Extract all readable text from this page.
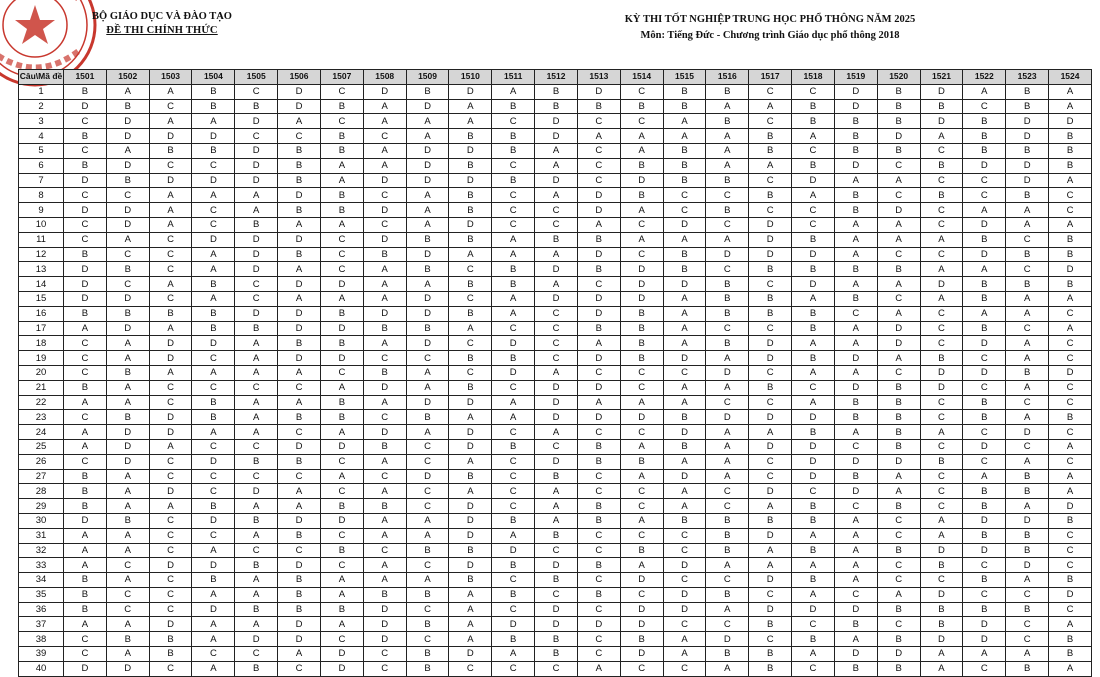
BỘ GIÁO DỤC VÀ ĐÀO TẠO
ĐỀ THI CHÍNH THỨC
KỲ THI TỐT NGHIỆP TRUNG HỌC PHỔ THÔNG NĂM 2025
Môn: Tiếng Đức - Chương trình Giáo dục phổ thông 2018
Câu\Mã đề	1501	1502	1503	1504	1505	1506	1507	1508	1509	1510	1511	1512	1513	1514	1515	1516	1517	1518	1519	1520	1521	1522	1523	1524
1	B	A	A	B	C	D	C	D	B	D	A	B	D	C	B	B	C	C	D	B	D	A	B	A
2	D	B	C	B	B	D	B	A	D	A	B	B	B	B	B	A	A	B	D	B	B	C	B	A
3	C	D	A	A	D	A	C	A	A	A	C	D	C	C	A	B	C	B	B	B	D	B	D	D
4	B	D	D	D	C	C	B	C	A	B	B	D	A	A	A	A	B	A	B	D	A	B	D	B
5	C	A	B	B	D	B	B	A	D	D	B	A	C	A	B	A	B	C	B	B	C	B	B	B
6	B	D	C	C	D	B	A	A	D	B	C	A	C	B	B	A	A	B	D	C	B	D	D	B
7	D	B	D	D	D	B	A	D	D	D	B	D	C	D	B	B	C	D	A	A	C	C	D	A
8	C	C	A	A	A	D	B	C	A	B	C	A	D	B	C	C	B	A	B	C	B	C	B	C
9	D	D	A	C	A	B	B	D	A	B	C	C	D	A	C	B	C	C	B	D	C	A	A	C
10	C	D	A	C	B	A	A	C	A	D	C	C	A	C	D	C	D	C	A	A	C	D	A	A
11	C	A	C	D	D	D	C	D	B	B	A	B	B	A	A	A	D	B	A	A	A	B	C	B
12	B	C	C	A	D	B	C	B	D	A	A	A	D	C	B	D	D	D	A	C	C	D	B	B
13	D	B	C	A	D	A	C	A	B	C	B	D	B	D	B	C	B	B	B	B	A	A	C	D
14	D	C	A	B	C	D	D	A	A	B	B	A	C	D	D	B	C	D	A	A	D	B	B	B
15	D	D	C	A	C	A	A	A	D	C	A	D	D	D	A	B	B	A	B	C	A	B	A	A
16	B	B	B	B	D	D	B	D	D	B	A	C	D	B	A	B	B	B	C	A	C	A	A	C
17	A	D	A	B	B	D	D	B	B	A	C	C	B	B	A	C	C	B	A	D	C	B	C	A
18	C	A	D	D	A	B	B	A	D	C	D	C	A	B	A	B	D	A	A	D	C	D	A	C
19	C	A	D	C	A	D	D	C	C	B	B	C	D	B	D	A	D	B	D	A	B	C	A	C
20	C	B	A	A	A	A	C	B	A	C	D	A	C	C	C	D	C	A	A	C	D	D	B	D
21	B	A	C	C	C	C	A	D	A	B	C	D	D	C	A	A	B	C	D	B	D	C	A	C
22	A	A	C	B	A	A	B	A	D	D	A	D	A	A	A	C	C	A	B	B	C	B	C	C
23	C	B	D	B	A	B	B	C	B	A	A	D	D	D	B	D	D	D	B	B	C	B	A	B
24	A	D	D	A	A	C	A	D	A	D	C	A	C	C	D	A	A	B	A	B	A	C	D	C
25	A	D	A	C	C	D	D	B	C	D	B	C	B	A	B	A	D	D	C	B	C	D	C	A
26	C	D	C	D	B	B	C	A	C	A	C	D	B	B	A	A	C	D	D	D	B	C	A	C
27	B	A	C	C	C	C	A	C	D	B	C	B	C	A	D	A	C	D	B	A	C	A	B	A
28	B	A	D	C	D	A	C	A	C	A	C	A	C	C	A	C	D	C	D	A	C	B	B	A
29	B	A	A	B	A	A	B	B	C	D	C	A	B	C	A	C	A	B	C	B	C	B	A	D
30	D	B	C	D	B	D	D	A	A	D	B	A	B	A	B	B	B	B	A	C	A	D	D	B
31	A	A	C	C	A	B	C	A	A	D	A	B	C	C	C	B	D	A	A	C	A	B	B	C
32	A	A	C	A	C	C	B	C	B	B	D	C	C	B	C	B	A	B	A	B	D	D	B	C
33	A	C	D	D	B	D	C	A	C	D	B	D	B	A	D	A	A	A	A	C	B	C	D	C
34	B	A	C	B	A	B	A	A	A	B	C	B	C	D	C	C	D	B	A	C	C	B	A	B
35	B	C	C	A	A	B	A	B	B	A	B	C	B	C	D	B	C	A	C	A	D	C	C	D
36	B	C	C	D	B	B	B	D	C	A	C	D	C	D	D	A	D	D	D	B	B	B	B	C
37	A	A	D	A	A	D	A	D	B	A	D	D	D	D	C	C	B	C	B	C	B	D	C	A
38	C	B	B	A	D	D	C	D	C	A	B	B	C	B	A	D	C	B	A	B	D	D	C	B
39	C	A	B	C	C	A	D	C	B	D	A	B	C	D	A	B	B	A	D	D	A	A	A	B
40	D	D	C	A	B	C	D	C	B	C	C	C	A	C	C	A	B	C	B	B	A	C	B	A
